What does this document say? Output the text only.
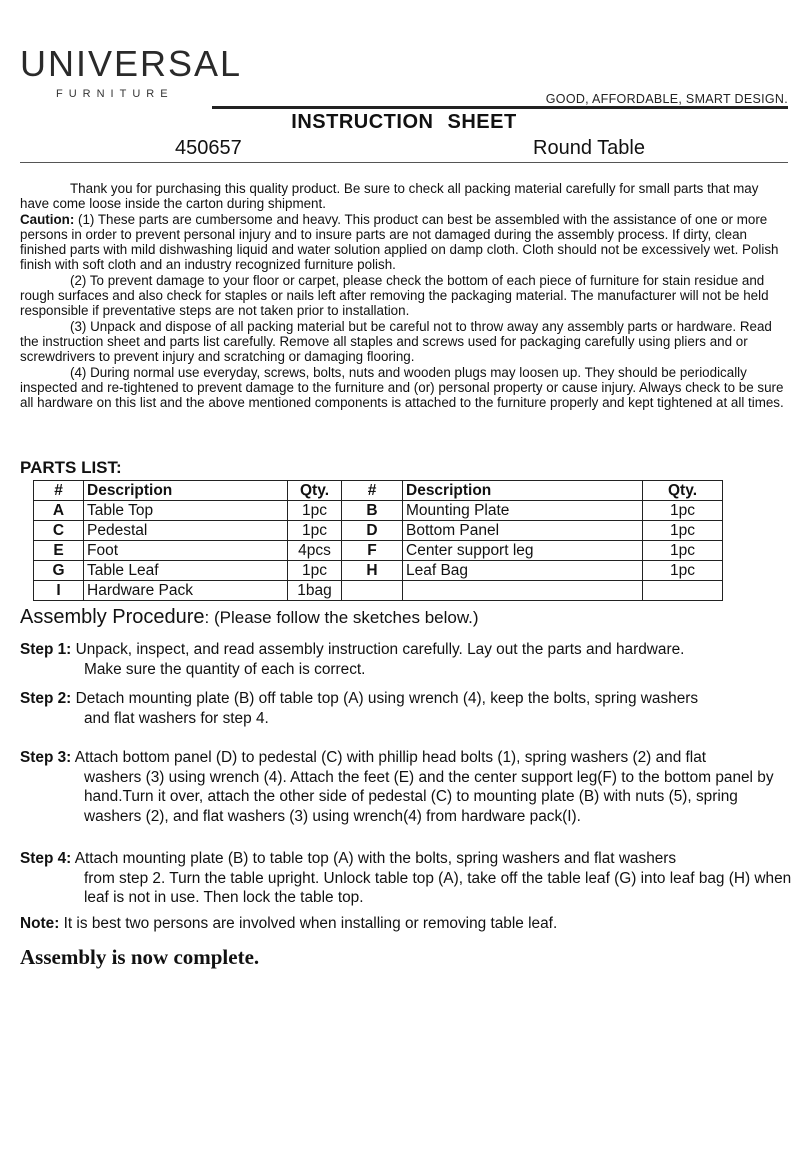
UNIVERSAL
FURNITURE	GOOD, AFFORDABLE, SMART DESIGN.
INSTRUCTION SHEET
450657	Round Table

Thank you for purchasing this quality product. Be sure to check all packing material carefully for small parts that may have come loose inside the carton during shipment.

Caution: (1) These parts are cumbersome and heavy. This product can best be assembled with the assistance of one or more persons in order to prevent personal injury and to insure parts are not damaged during the assembly process. If dirty, clean finished parts with mild dishwashing liquid and water solution applied on damp cloth. Cloth should not be excessively wet. Polish finish with soft cloth and an industry recognized furniture polish.

(2) To prevent damage to your floor or carpet, please check the bottom of each piece of furniture for stain residue and rough surfaces and also check for staples or nails left after removing the packaging material. The manufacturer will not be held responsible if preventative steps are not taken prior to installation.

(3) Unpack and dispose of all packing material but be careful not to throw away any assembly parts or hardware. Read the instruction sheet and parts list carefully. Remove all staples and screws used for packaging carefully using pliers and or screwdrivers to prevent injury and scratching or damaging flooring.

(4) During normal use everyday, screws, bolts, nuts and wooden plugs may loosen up. They should be periodically inspected and re-tightened to prevent damage to the furniture and (or) personal property or cause injury. Always check to be sure all hardware on this list and the above mentioned components is attached to the furniture properly and kept tightened at all times.

PARTS LIST:
#	Description	Qty.	#	Description	Qty.
A	Table Top	1pc	B	Mounting Plate	1pc
C	Pedestal	1pc	D	Bottom Panel	1pc
E	Foot	4pcs	F	Center support leg	1pc
G	Table Leaf	1pc	H	Leaf Bag	1pc
I	Hardware Pack	1bag			
Assembly Procedure: (Please follow the sketches below.)
Step 1: Unpack, inspect, and read assembly instruction carefully. Lay out the parts and hardware.
Make sure the quantity of each is correct.
Step 2: Detach mounting plate (B) off table top (A) using wrench (4), keep the bolts, spring washers
and flat washers for step 4.
Step 3: Attach bottom panel (D) to pedestal (C) with phillip head bolts (1), spring washers (2) and flat
washers (3) using wrench (4). Attach the feet (E) and the center support leg(F) to the bottom panel by hand.Turn it over, attach the other side of pedestal (C) to mounting plate (B) with nuts (5), spring washers (2), and flat washers (3) using wrench(4) from hardware pack(I).
Step 4: Attach mounting plate (B) to table top (A) with the bolts, spring washers and flat washers
from step 2. Turn the table upright. Unlock table top (A), take off the table leaf (G) into leaf bag (H) when leaf is not in use. Then lock the table top.
Note: It is best two persons are involved when installing or removing table leaf.
Assembly is now complete.
